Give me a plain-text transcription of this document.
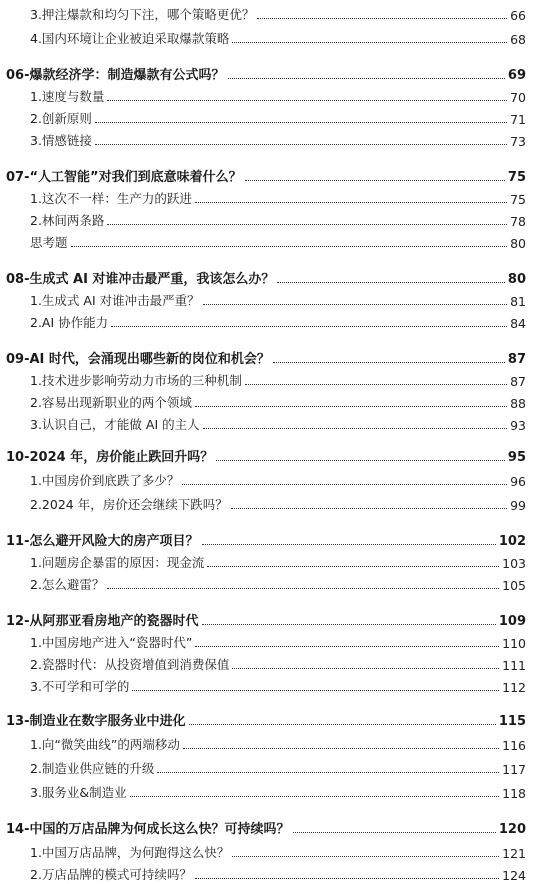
3.押注爆款和均匀下注，哪个策略更优？	66
4.国内环境让企业被迫采取爆款策略	68
06-爆款经济学：制造爆款有公式吗？	69
1.速度与数量	70
2.创新原则	71
3.情感链接	73
07-“人工智能”对我们到底意味着什么？	75
1.这次不一样：生产力的跃进	75
2.林间两条路	78
思考题	80
08-生成式 AI 对谁冲击最严重，我该怎么办？	80
1.生成式 AI 对谁冲击最严重？	81
2.AI 协作能力	84
09-AI 时代，会涌现出哪些新的岗位和机会？	87
1.技术进步影响劳动力市场的三种机制	87
2.容易出现新职业的两个领域	88
3.认识自己，才能做 AI 的主人	93
10-2024 年，房价能止跌回升吗？	95
1.中国房价到底跌了多少？	96
2.2024 年，房价还会继续下跌吗？	99
11-怎么避开风险大的房产项目？	102
1.问题房企暴雷的原因：现金流	103
2.怎么避雷？	105
12-从阿那亚看房地产的瓷器时代	109
1.中国房地产进入“瓷器时代”	110
2.瓷器时代：从投资增值到消费保值	111
3.不可学和可学的	112
13-制造业在数字服务业中进化	115
1.向“微笑曲线”的两端移动	116
2.制造业供应链的升级	117
3.服务业&制造业	118
14-中国的万店品牌为何成长这么快？可持续吗？	120
1.中国万店品牌，为何跑得这么快？	121
2.万店品牌的模式可持续吗？	124
